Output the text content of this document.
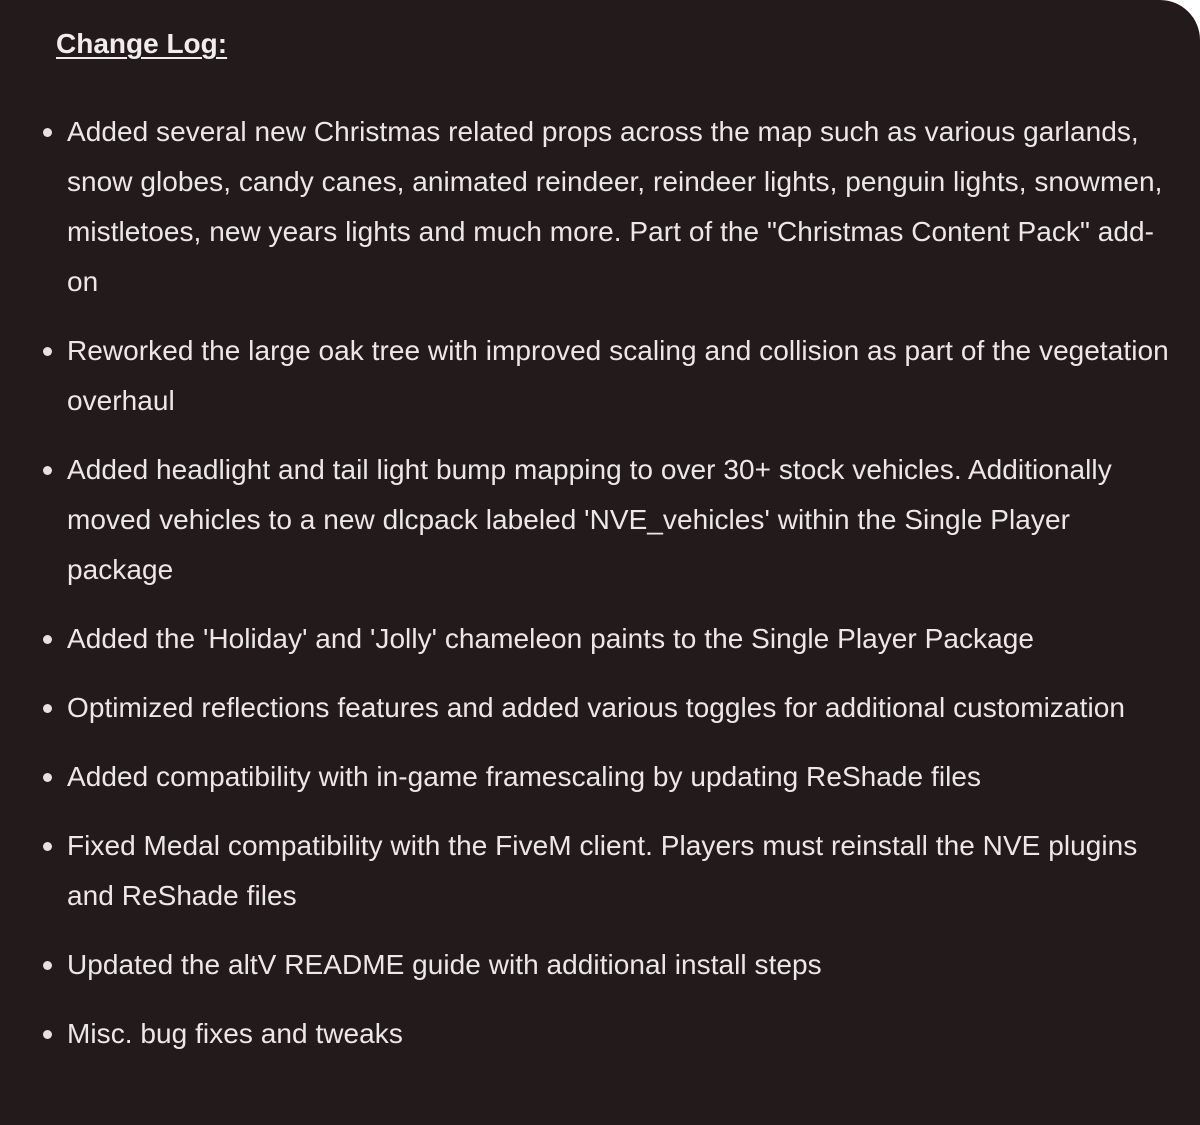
Change Log:
Added several new Christmas related props across the map such as various garlands, snow globes, candy canes, animated reindeer, reindeer lights, penguin lights, snowmen, mistletoes, new years lights and much more. Part of the "Christmas Content Pack" add-on
Reworked the large oak tree with improved scaling and collision as part of the vegetation overhaul
Added headlight and tail light bump mapping to over 30+ stock vehicles. Additionally moved vehicles to a new dlcpack labeled 'NVE_vehicles' within the Single Player package
Added the 'Holiday' and 'Jolly' chameleon paints to the Single Player Package
Optimized reflections features and added various toggles for additional customization
Added compatibility with in-game framescaling by updating ReShade files
Fixed Medal compatibility with the FiveM client. Players must reinstall the NVE plugins and ReShade files
Updated the altV README guide with additional install steps
Misc. bug fixes and tweaks
